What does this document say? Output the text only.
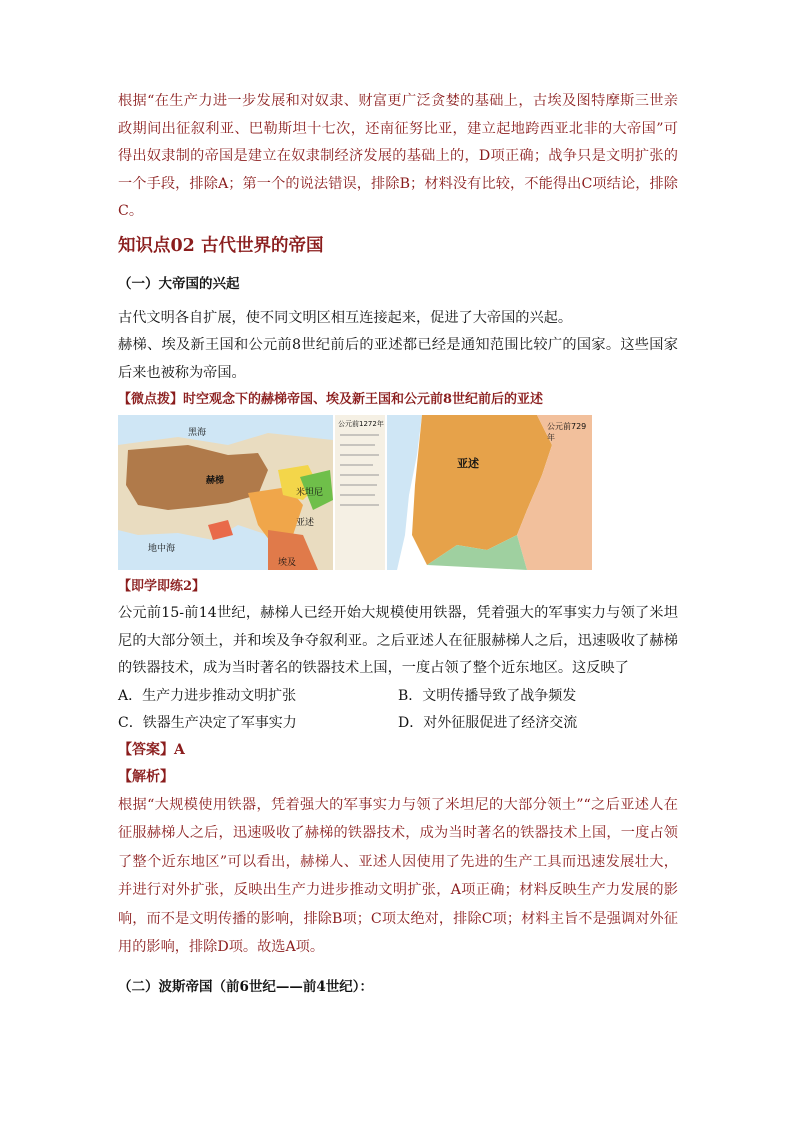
根据“在生产力进一步发展和对奴隶、财富更广泛贪婪的基础上，古埃及图特摩斯三世亲政期间出征叙利亚、巴勒斯坦十七次，还南征努比亚，建立起地跨西亚北非的大帝国”可得出奴隶制的帝国是建立在奴隶制经济发展的基础上的，D项正确；战争只是文明扩张的一个手段，排除A；第一个的说法错误，排除B；材料没有比较，不能得出C项结论，排除C。

知识点02 古代世界的帝国
（一）大帝国的兴起

古代文明各自扩展，使不同文明区相互连接起来，促进了大帝国的兴起。

赫梯、埃及新王国和公元前8世纪前后的亚述都已经是通知范围比较广的国家。这些国家后来也被称为帝国。

【微点拨】时空观念下的赫梯帝国、埃及新王国和公元前8世纪前后的亚述
黑海
赫梯
地中海
亚述
米坦尼
埃及
公元前1272年
亚述
公元前729年
【即学即练2】

公元前15-前14世纪，赫梯人已经开始大规模使用铁器，凭着强大的军事实力与领了米坦尼的大部分领土，并和埃及争夺叙利亚。之后亚述人在征服赫梯人之后，迅速吸收了赫梯的铁器技术，成为当时著名的铁器技术上国，一度占领了整个近东地区。这反映了

A．生产力进步推动文明扩张	B．文明传播导致了战争频发
C．铁器生产决定了军事实力	D．对外征服促进了经济交流
【答案】A
【解析】

根据“大规模使用铁器，凭着强大的军事实力与领了米坦尼的大部分领土”“之后亚述人在征服赫梯人之后，迅速吸收了赫梯的铁器技术，成为当时著名的铁器技术上国，一度占领了整个近东地区”可以看出，赫梯人、亚述人因使用了先进的生产工具而迅速发展壮大，并进行对外扩张，反映出生产力进步推动文明扩张，A项正确；材料反映生产力发展的影响，而不是文明传播的影响，排除B项；C项太绝对，排除C项；材料主旨不是强调对外征用的影响，排除D项。故选A项。

（二）波斯帝国（前6世纪——前4世纪）：
